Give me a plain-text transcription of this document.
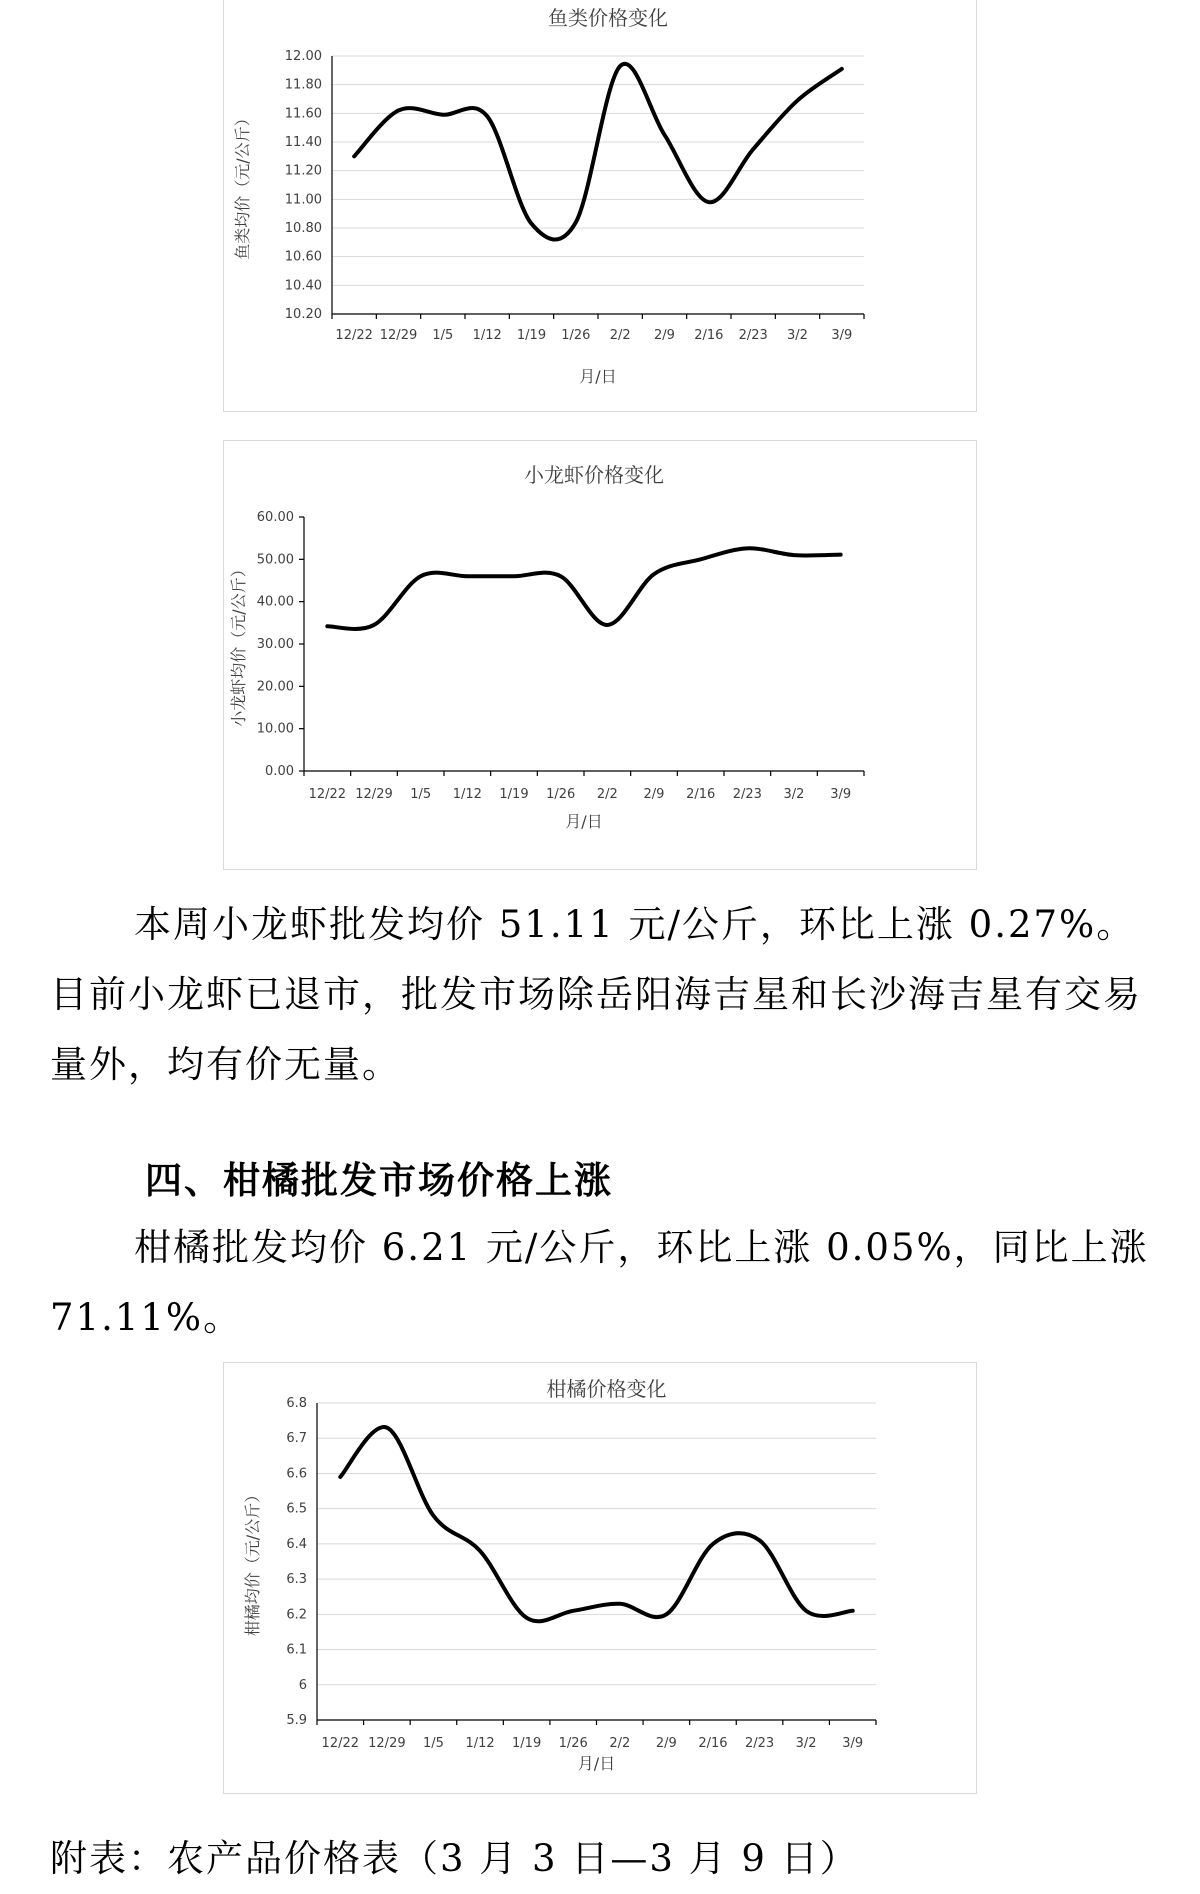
鱼类价格变化
10.20
10.40
10.60
10.80
11.00
11.20
11.40
11.60
11.80
12.00
12/22 12/29 1/5 1/12 1/19 1/26 2/2 2/9 2/16 2/23 3/2 3/9
月/日
鱼类均价（元/公斤）
小龙虾价格变化
0.00
10.00
20.00
30.00
40.00
50.00
60.00
12/22 12/29 1/5 1/12 1/19 1/26 2/2 2/9 2/16 2/23 3/2 3/9
月/日
小龙虾均价（元/公斤）

本周小龙虾批发均价 51.11 元/公斤，环比上涨 0.27%。目前小龙虾已退市，批发市场除岳阳海吉星和长沙海吉星有交易量外，均有价无量。

四、柑橘批发市场价格上涨

柑橘批发均价 6.21 元/公斤，环比上涨 0.05%，同比上涨 71.11%。

柑橘价格变化
5.9
6
6.1
6.2
6.3
6.4
6.5
6.6
6.7
6.8
12/22 12/29 1/5 1/12 1/19 1/26 2/2 2/9 2/16 2/23 3/2 3/9
月/日
柑橘均价（元/公斤）

附表：农产品价格表（3 月 3 日—3 月 9 日）
